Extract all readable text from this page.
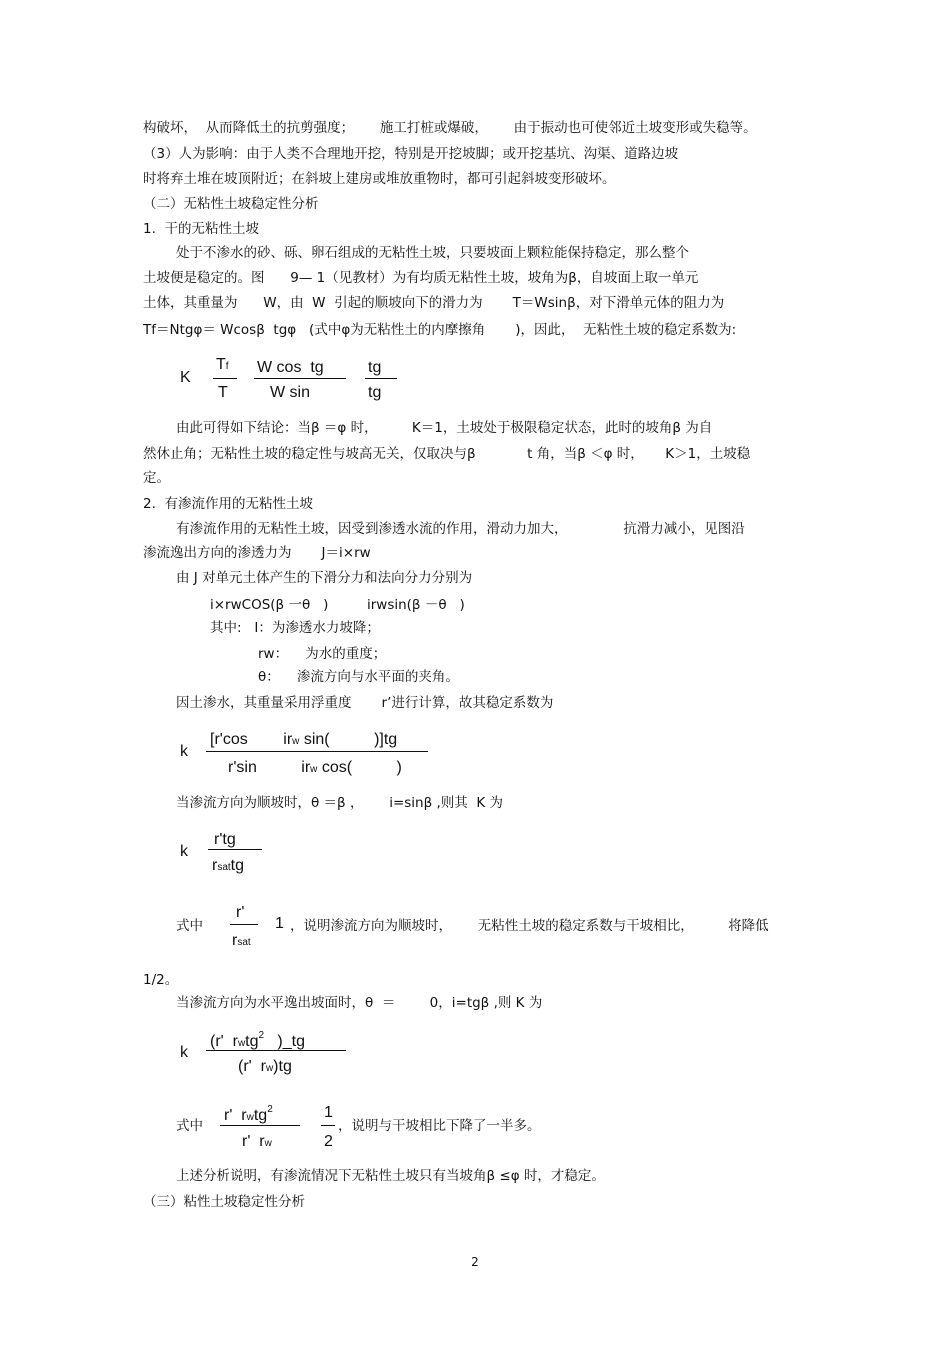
构破坏，  从而降低土的抗剪强度；      施工打桩或爆破，      由于振动也可使邻近土坡变形或失稳等。
（3）人为影响：由于人类不合理地开挖，特别是开挖坡脚；或开挖基坑、沟渠、道路边坡
时将弃土堆在坡顶附近；在斜坡上建房或堆放重物时，都可引起斜坡变形破坏。
（二）无粘性土坡稳定性分析
1.  干的无粘性土坡
处于不渗水的砂、砾、卵石组成的无粘性土坡，只要坡面上颗粒能保持稳定，那么整个
土坡便是稳定的。图      9— 1（见教材）为有均质无粘性土坡，坡角为β，自坡面上取一单元
土体，其重量为      W，由  W  引起的顺坡向下的滑力为       T＝Wsinβ，对下滑单元体的阻力为
Tf＝Ntgφ＝ Wcosβ  tgφ   (式中φ为无粘性土的内摩擦角       )，因此，  无粘性土坡的稳定系数为:
K
Tf
T
W cos  tg
W sin
tg
tg
由此可得如下结论：当β ＝φ 时，        K＝1，土坡处于极限稳定状态，此时的坡角β 为自
然休止角；无粘性土坡的稳定性与坡高无关，仅取决与β            t 角，当β ＜φ 时，     K＞1，土坡稳
定。
2.  有渗流作用的无粘性土坡
有渗流作用的无粘性土坡，因受到渗透水流的作用，滑动力加大，             抗滑力减小，见图沿
渗流逸出方向的渗透力为       J＝i×rw
由 J 对单元土体产生的下滑分力和法向分力分别为
i×rwCOS(β 一θ   )         irwsin(β －θ   )
其中:   I：为渗透水力坡降；
rw：    为水的重度；
θ：    渗流方向与水平面的夹角。
因土渗水，其重量采用浮重度       r’进行计算，故其稳定系数为
k
[r'cos        irw sin(          )]tg
r'sin          irw cos(          )
当渗流方向为顺坡时，θ ＝β ，      i=sinβ ,则其  K 为
k
r'tg
rsattg
式中
r'
rsat
1 ，说明渗流方向为顺坡时，      无粘性土坡的稳定系数与干坡相比，        将降低
1/2。
当渗流方向为水平逸出坡面时，θ  ＝        0，i=tgβ ,则 K 为
k
(r'  rwtg$^2$   )_tg
(r'  rw)tg
式中
r'  rwtg$^2$
r'  rw
1
2
，说明与干坡相比下降了一半多。
上述分析说明，有渗流情况下无粘性土坡只有当坡角β ≤φ 时，才稳定。
（三）粘性土坡稳定性分析
2
